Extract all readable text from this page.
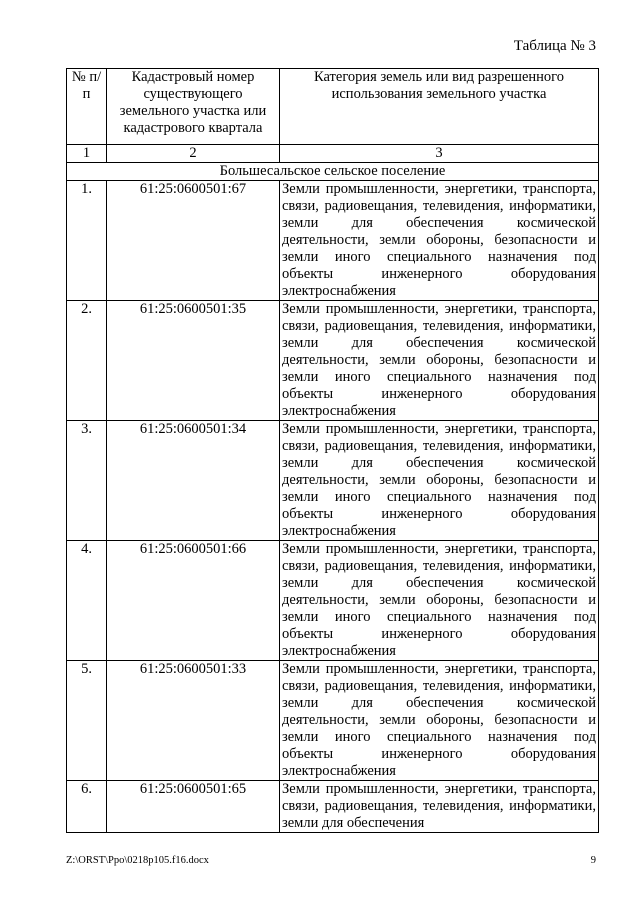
Таблица № 3
№ п/п	Кадастровый номер существующего земельного участка или кадастрового квартала	Категория земель или вид разрешенного использования земельного участка
1	2	3
Большесальское сельское поселение		
1.	61:25:0600501:67	Земли промышленности, энергетики, транспорта, связи, радиовещания, телевидения, информатики, земли для обеспечения космической деятельности, земли обороны, безопасности и земли иного специального назначения под объекты инженерного оборудования электроснабжения
2.	61:25:0600501:35	Земли промышленности, энергетики, транспорта, связи, радиовещания, телевидения, информатики, земли для обеспечения космической деятельности, земли обороны, безопасности и земли иного специального назначения под объекты инженерного оборудования электроснабжения
3.	61:25:0600501:34	Земли промышленности, энергетики, транспорта, связи, радиовещания, телевидения, информатики, земли для обеспечения космической деятельности, земли обороны, безопасности и земли иного специального назначения под объекты инженерного оборудования электроснабжения
4.	61:25:0600501:66	Земли промышленности, энергетики, транспорта, связи, радиовещания, телевидения, информатики, земли для обеспечения космической деятельности, земли обороны, безопасности и земли иного специального назначения под объекты инженерного оборудования электроснабжения
5.	61:25:0600501:33	Земли промышленности, энергетики, транспорта, связи, радиовещания, телевидения, информатики, земли для обеспечения космической деятельности, земли обороны, безопасности и земли иного специального назначения под объекты инженерного оборудования электроснабжения
6.	61:25:0600501:65	Земли промышленности, энергетики, транспорта, связи, радиовещания, телевидения, информатики, земли для обеспечения
Z:\ORST\Ppo\0218p105.f16.docx	9
